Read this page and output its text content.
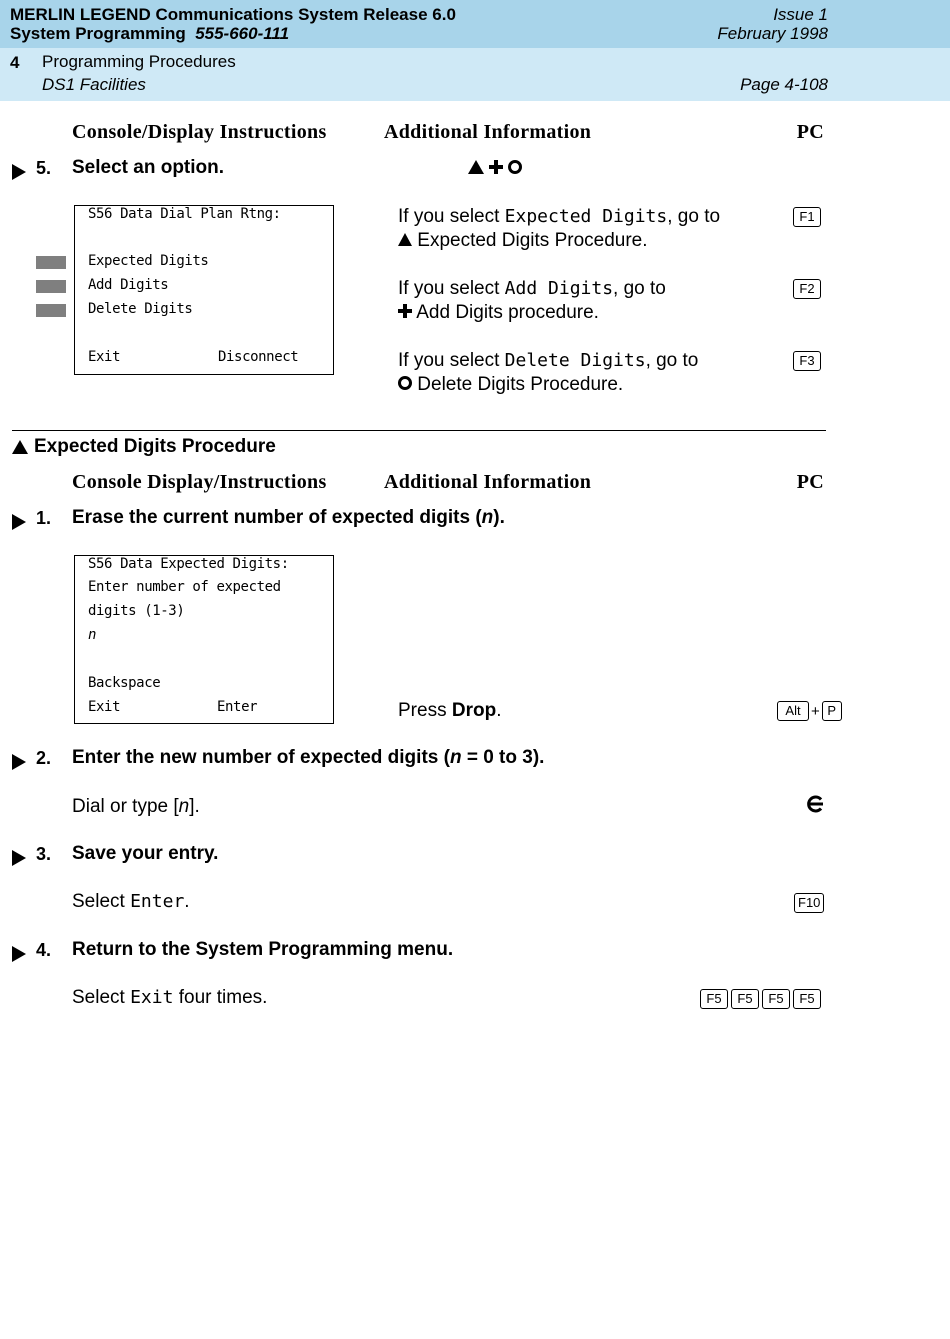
MERLIN LEGEND Communications System Release 6.0
System Programming 555-660-111
Issue 1
February 1998
4 Programming Procedures
DS1 Facilities	Page 4-108
Console/Display Instructions	Additional Information	PC
5. Select an option.
S56 Data Dial Plan Rtng:
Expected Digits
Add Digits
Delete Digits
Exit	Disconnect
If you select Expected Digits, go to
Expected Digits Procedure.
F1
If you select Add Digits, go to
Add Digits procedure.
F2
If you select Delete Digits, go to
Delete Digits Procedure.
F3
Expected Digits Procedure
Console Display/Instructions	Additional Information	PC
1. Erase the current number of expected digits (n).
S56 Data Expected Digits:
Enter number of expected
digits (1-3)
n
Backspace
Exit	Enter	Press Drop.	Alt + P
2. Enter the new number of expected digits (n = 0 to 3).
Dial or type [n].
3. Save your entry.
Select Enter.	F10
4. Return to the System Programming menu.
Select Exit four times.	F5	F5	F5	F5
